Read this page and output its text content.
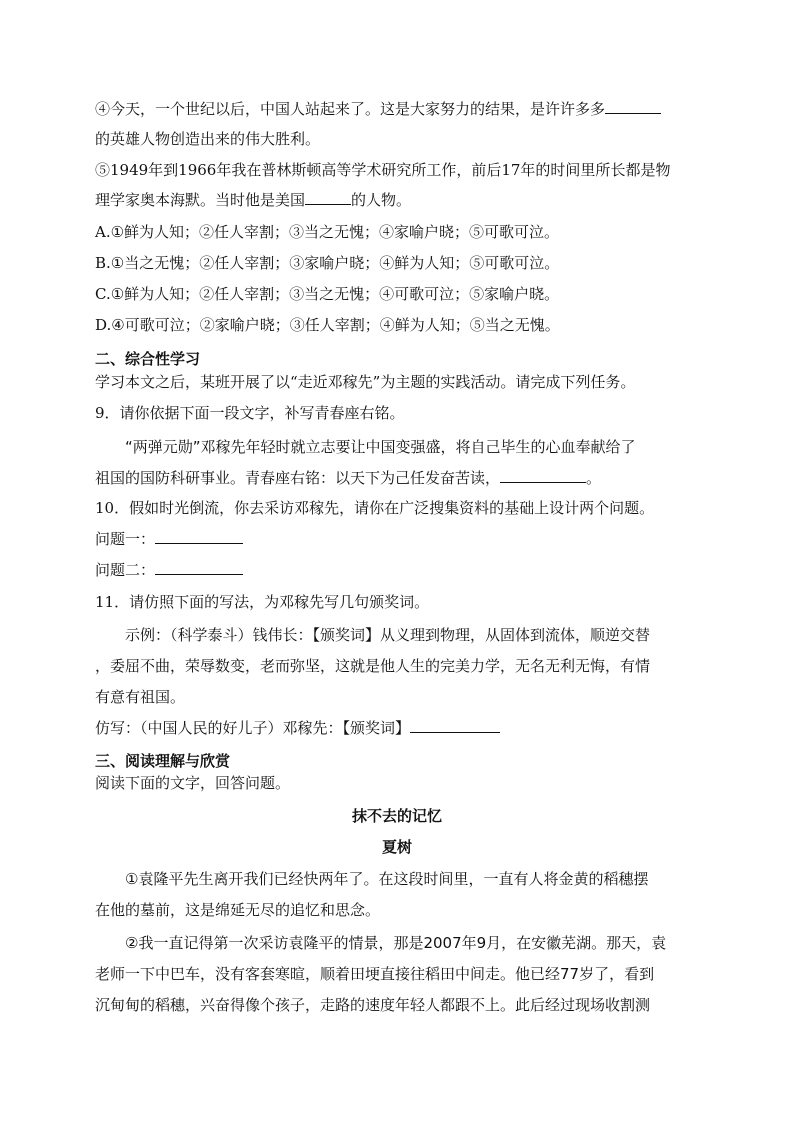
④今天，一个世纪以后，中国人站起来了。这是大家努力的结果，是许许多多
的英雄人物创造出来的伟大胜利。
⑤1949年到1966年我在普林斯顿高等学术研究所工作，前后17年的时间里所长都是物
理学家奥本海默。当时他是美国	的人物。
A.①鲜为人知；②任人宰割；③当之无愧；④家喻户晓；⑤可歌可泣。
B.①当之无愧；②任人宰割；③家喻户晓；④鲜为人知；⑤可歌可泣。
C.①鲜为人知；②任人宰割；③当之无愧；④可歌可泣；⑤家喻户晓。
D.④可歌可泣；②家喻户晓；③任人宰割；④鲜为人知；⑤当之无愧。
二、综合性学习
学习本文之后，某班开展了以“走近邓稼先”为主题的实践活动。请完成下列任务。
9．请你依据下面一段文字，补写青春座右铭。
“两弹元勋”邓稼先年轻时就立志要让中国变强盛，将自己毕生的心血奉献给了
祖国的国防科研事业。青春座右铭：以天下为己任发奋苦读，	。
10．假如时光倒流，你去采访邓稼先，请你在广泛搜集资料的基础上设计两个问题。
问题一：
问题二：
11．请仿照下面的写法，为邓稼先写几句颁奖词。
示例：（科学泰斗）钱伟长：【颁奖词】从义理到物理，从固体到流体，顺逆交替
，委屈不曲，荣辱数变，老而弥坚，这就是他人生的完美力学，无名无利无悔，有情
有意有祖国。
仿写：（中国人民的好儿子）邓稼先：【颁奖词】
三、阅读理解与欣赏
阅读下面的文字，回答问题。
抹不去的记忆
夏树
①袁隆平先生离开我们已经快两年了。在这段时间里，一直有人将金黄的稻穗摆
在他的墓前，这是绵延无尽的追忆和思念。
②我一直记得第一次采访袁隆平的情景，那是2007年9月，在安徽芜湖。那天，袁
老师一下中巴车，没有客套寒暄，顺着田埂直接往稻田中间走。他已经77岁了，看到
沉甸甸的稻穗，兴奋得像个孩子，走路的速度年轻人都跟不上。此后经过现场收割测
